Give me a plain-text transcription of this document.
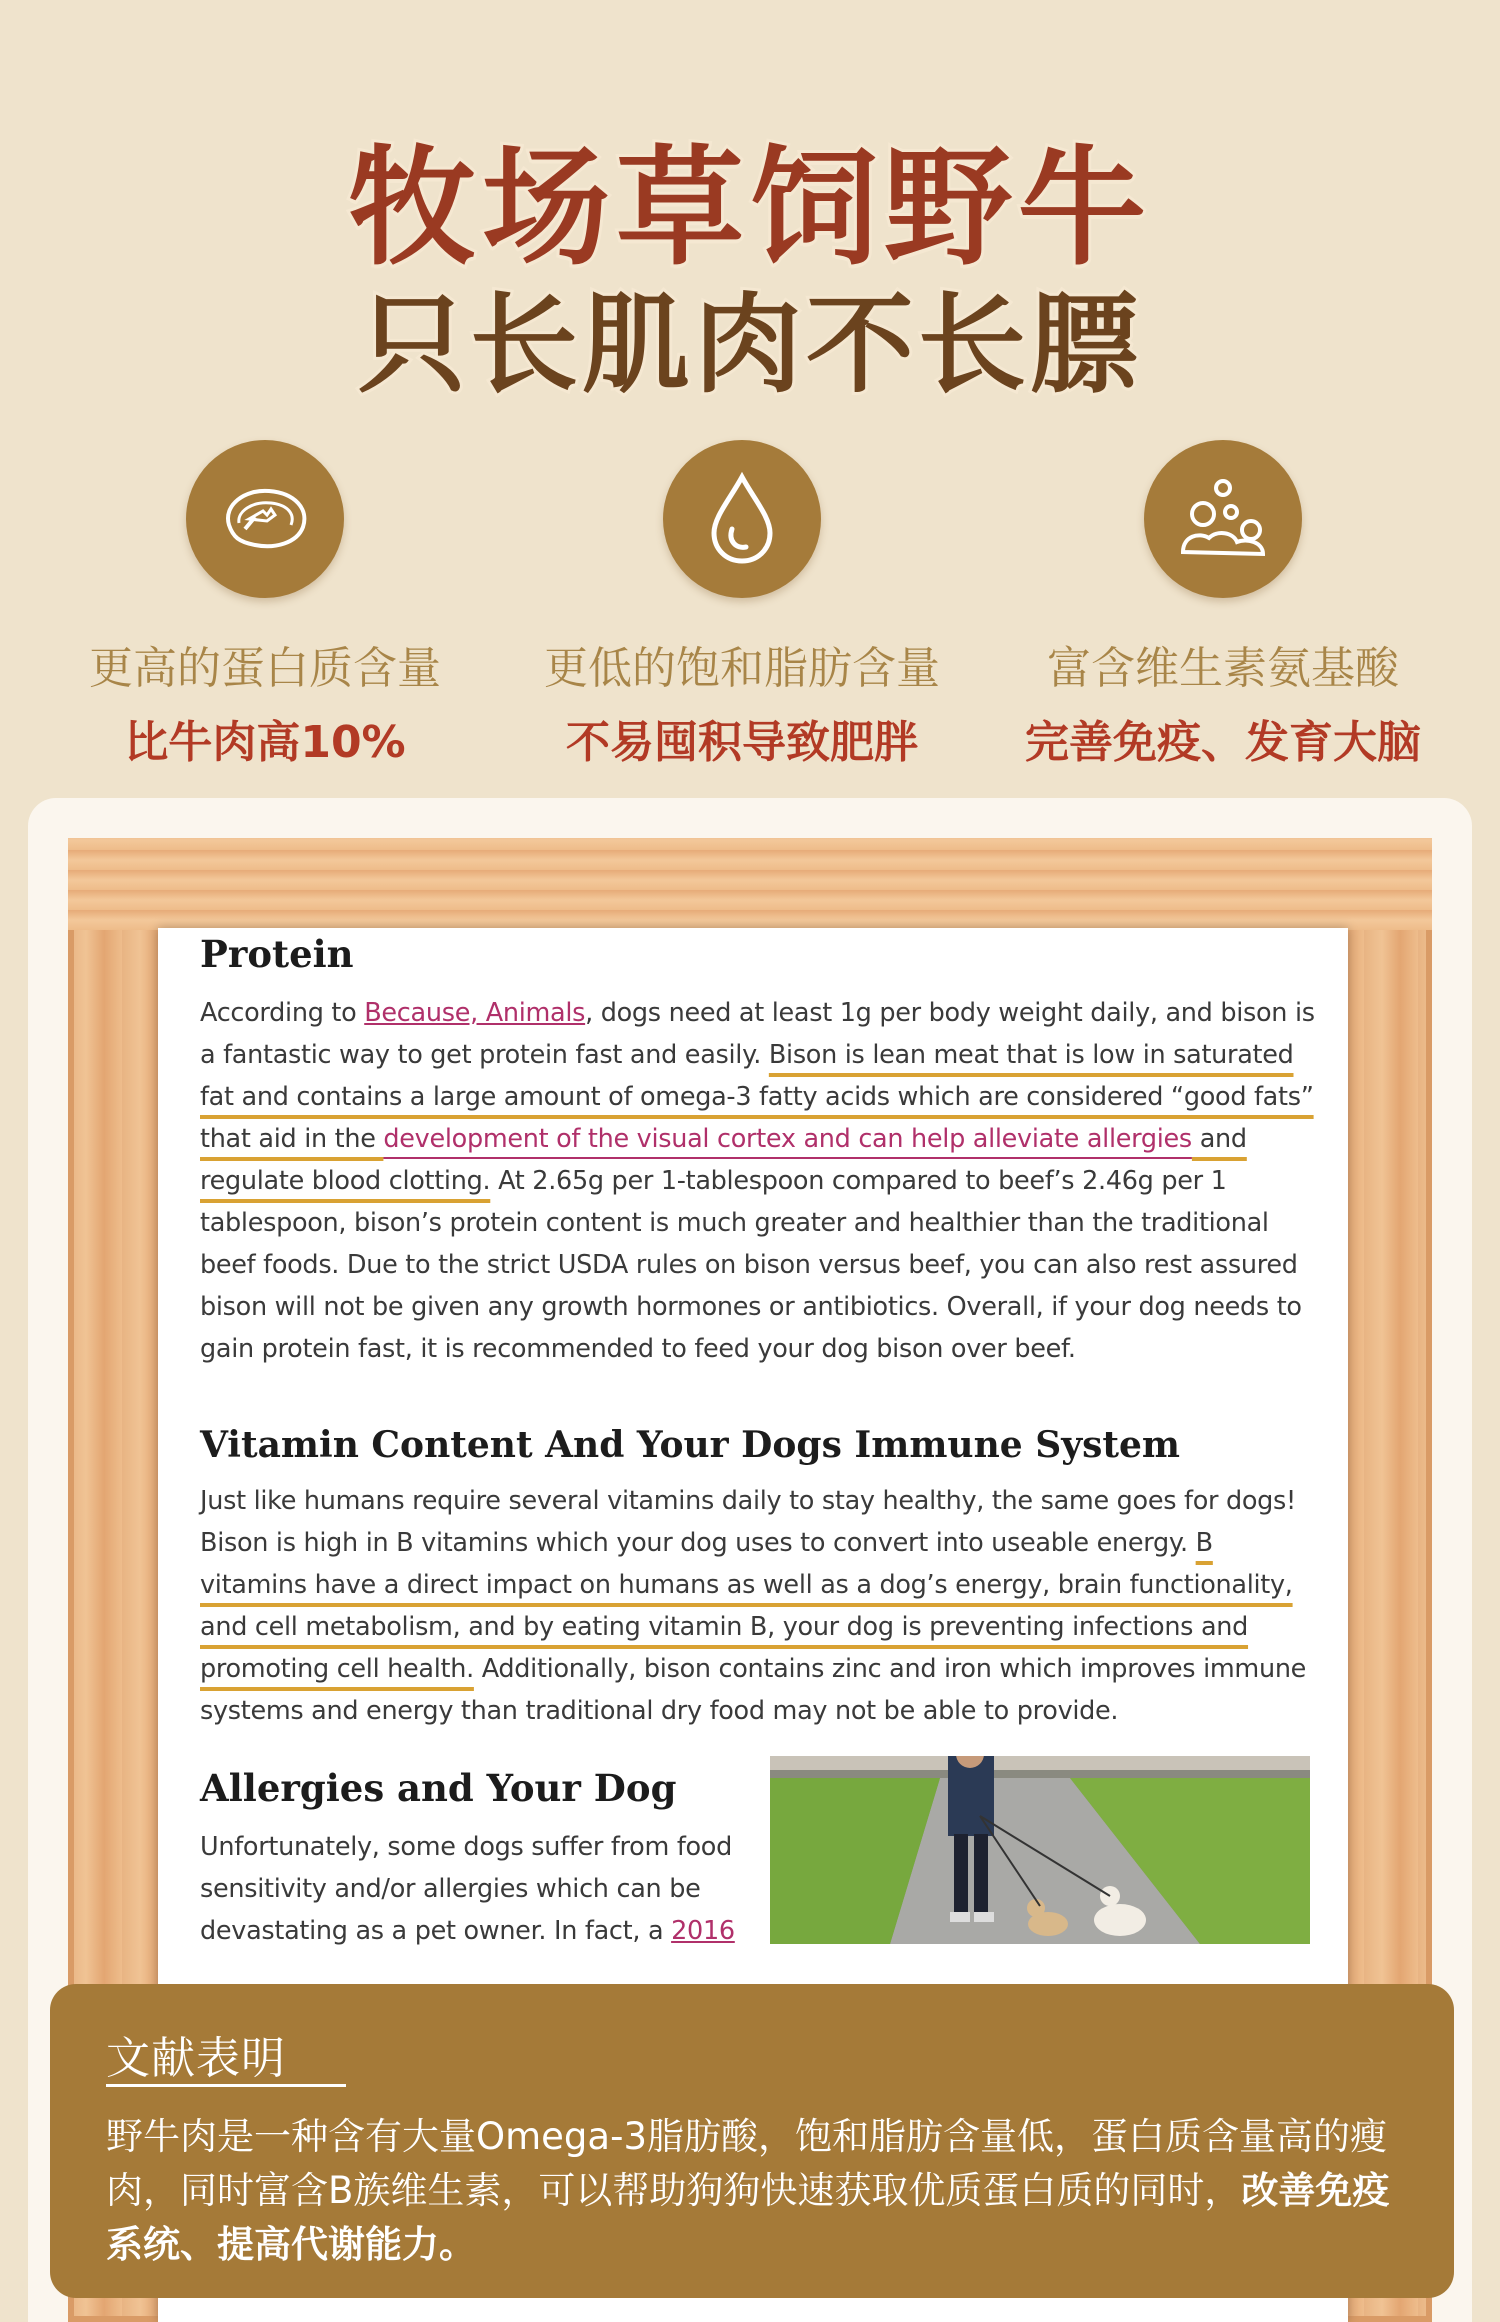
牧场草饲野牛
只长肌肉不长膘
更高的蛋白质含量
比牛肉高10%
更低的饱和脂肪含量
不易囤积导致肥胖
富含维生素氨基酸
完善免疫、发育大脑
Protein
According to Because, Animals, dogs need at least 1g per body weight daily, and bison is a fantastic way to get protein fast and easily. Bison is lean meat that is low in saturated fat and contains a large amount of omega-3 fatty acids which are considered “good fats” that aid in the development of the visual cortex and can help alleviate allergies and regulate blood clotting. At 2.65g per 1-tablespoon compared to beef’s 2.46g per 1 tablespoon, bison’s protein content is much greater and healthier than the traditional beef foods. Due to the strict USDA rules on bison versus beef, you can also rest assured bison will not be given any growth hormones or antibiotics. Overall, if your dog needs to gain protein fast, it is recommended to feed your dog bison over beef.
Vitamin Content And Your Dogs Immune System
Just like humans require several vitamins daily to stay healthy, the same goes for dogs! Bison is high in B vitamins which your dog uses to convert into useable energy. B vitamins have a direct impact on humans as well as a dog’s energy, brain functionality, and cell metabolism, and by eating vitamin B, your dog is preventing infections and promoting cell health. Additionally, bison contains zinc and iron which improves immune systems and energy than traditional dry food may not be able to provide.
Allergies and Your Dog
Unfortunately, some dogs suffer from food sensitivity and/or allergies which can be devastating as a pet owner. In fact, a 2016
文献表明
野牛肉是一种含有大量Omega-3脂肪酸，饱和脂肪含量低，蛋白质含量高的瘦肉，同时富含B族维生素，可以帮助狗狗快速获取优质蛋白质的同时，改善免疫系统、提高代谢能力。
